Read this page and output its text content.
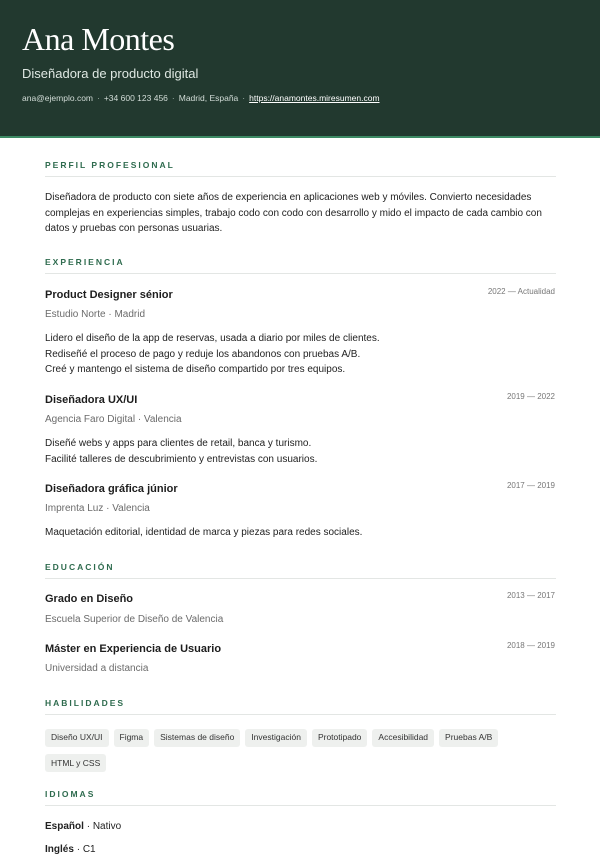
Ana Montes
Diseñadora de producto digital
ana@ejemplo.com · +34 600 123 456 · Madrid, España · https://anamontes.miresumen.com
PERFIL PROFESIONAL
Diseñadora de producto con siete años de experiencia en aplicaciones web y móviles. Convierto necesidades complejas en experiencias simples, trabajo codo con codo con desarrollo y mido el impacto de cada cambio con datos y pruebas con personas usuarias.
EXPERIENCIA
Product Designer sénior	2022 — Actualidad
Estudio Norte · Madrid
Lidero el diseño de la app de reservas, usada a diario por miles de clientes.
Rediseñé el proceso de pago y reduje los abandonos con pruebas A/B.
Creé y mantengo el sistema de diseño compartido por tres equipos.
Diseñadora UX/UI	2019 — 2022
Agencia Faro Digital · Valencia
Diseñé webs y apps para clientes de retail, banca y turismo.
Facilité talleres de descubrimiento y entrevistas con usuarios.
Diseñadora gráfica júnior	2017 — 2019
Imprenta Luz · Valencia
Maquetación editorial, identidad de marca y piezas para redes sociales.
EDUCACIÓN
Grado en Diseño	2013 — 2017
Escuela Superior de Diseño de Valencia
Máster en Experiencia de Usuario	2018 — 2019
Universidad a distancia
HABILIDADES
Diseño UX/UI Figma Sistemas de diseño Investigación Prototipado Accesibilidad Pruebas A/B
HTML y CSS
IDIOMAS
Español · Nativo
Inglés · C1
